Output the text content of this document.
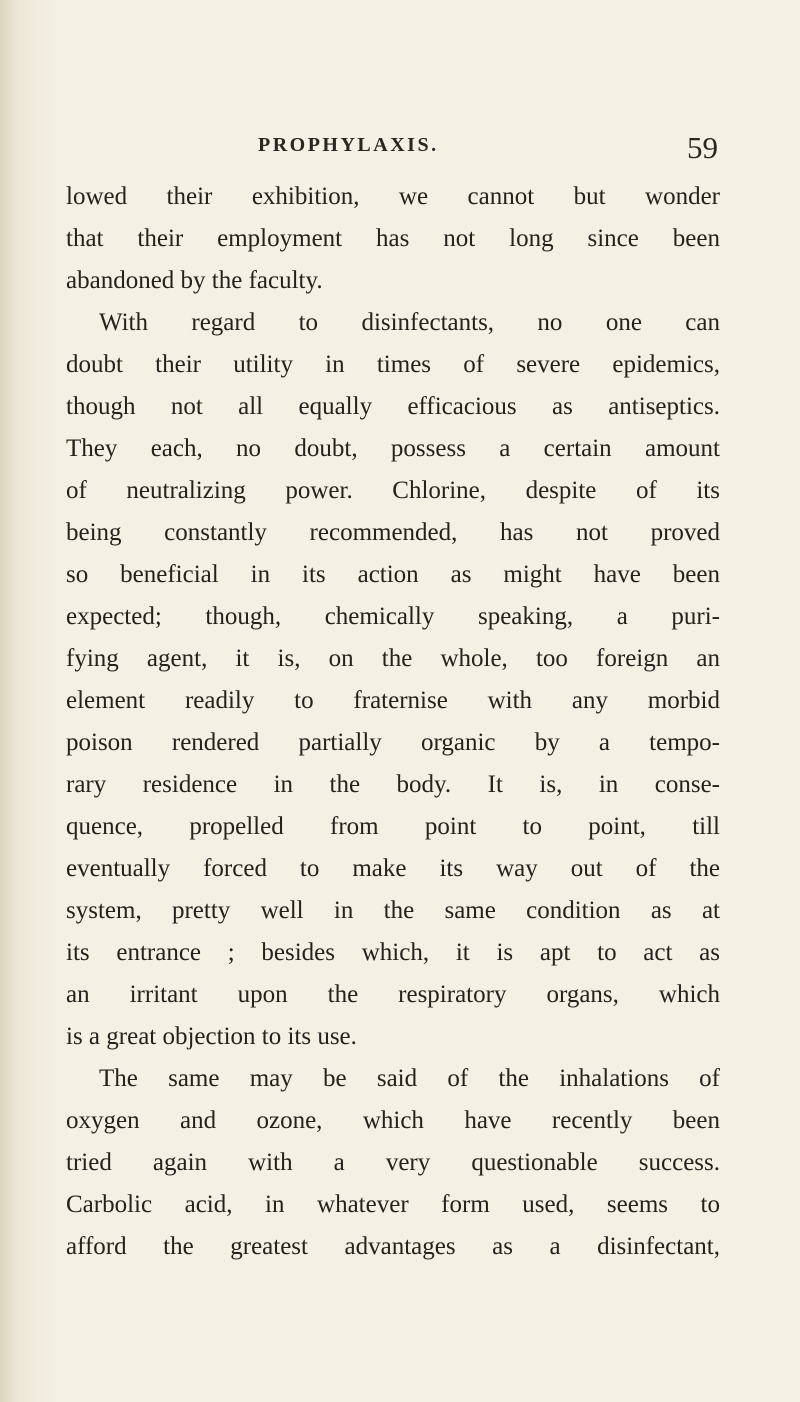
PROPHYLAXIS.	59
lowed their exhibition, we cannot but wonder
that their employment has not long since been
abandoned by the faculty.
With regard to disinfectants, no one can
doubt their utility in times of severe epidemics,
though not all equally efficacious as antiseptics.
They each, no doubt, possess a certain amount
of neutralizing power. Chlorine, despite of its
being constantly recommended, has not proved
so beneficial in its action as might have been
expected; though, chemically speaking, a puri-
fying agent, it is, on the whole, too foreign an
element readily to fraternise with any morbid
poison rendered partially organic by a tempo-
rary residence in the body. It is, in conse-
quence, propelled from point to point, till
eventually forced to make its way out of the
system, pretty well in the same condition as at
its entrance ; besides which, it is apt to act as
an irritant upon the respiratory organs, which
is a great objection to its use.
The same may be said of the inhalations of
oxygen and ozone, which have recently been
tried again with a very questionable success.
Carbolic acid, in whatever form used, seems to
afford the greatest advantages as a disinfectant,
